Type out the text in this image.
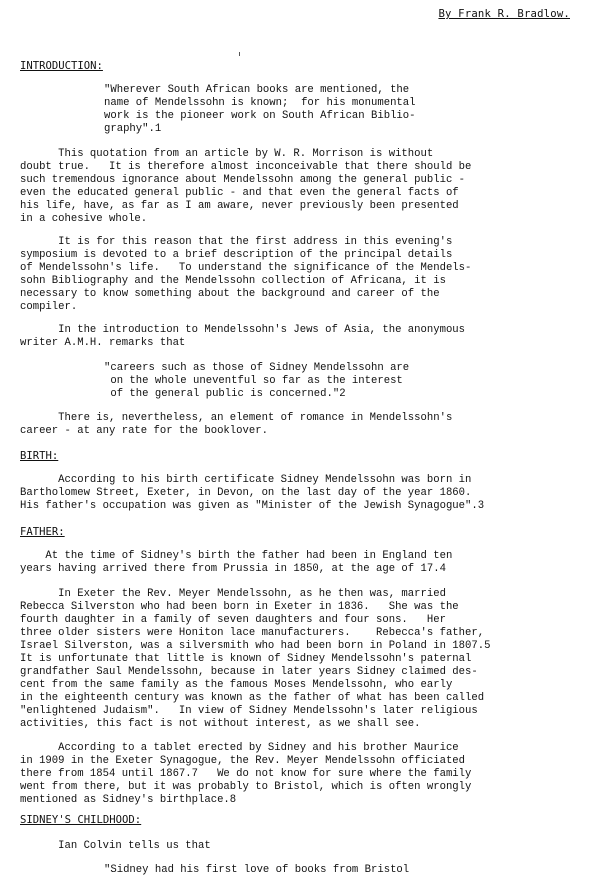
By Frank R. Bradlow.
INTRODUCTION:
"Wherever South African books are mentioned, the
name of Mendelssohn is known;  for his monumental
work is the pioneer work on South African Biblio-
graphy".1
This quotation from an article by W. R. Morrison is without
doubt true.   It is therefore almost inconceivable that there should be
such tremendous ignorance about Mendelssohn among the general public -
even the educated general public - and that even the general facts of
his life, have, as far as I am aware, never previously been presented
in a cohesive whole.
It is for this reason that the first address in this evening's
symposium is devoted to a brief description of the principal details
of Mendelssohn's life.   To understand the significance of the Mendels-
sohn Bibliography and the Mendelssohn collection of Africana, it is
necessary to know something about the background and career of the
compiler.
In the introduction to Mendelssohn's Jews of Asia, the anonymous
writer A.M.H. remarks that
"careers such as those of Sidney Mendelssohn are
on the whole uneventful so far as the interest
of the general public is concerned."2
There is, nevertheless, an element of romance in Mendelssohn's
career - at any rate for the booklover.
BIRTH:
According to his birth certificate Sidney Mendelssohn was born in
Bartholomew Street, Exeter, in Devon, on the last day of the year 1860.
His father's occupation was given as "Minister of the Jewish Synagogue".3
FATHER:
At the time of Sidney's birth the father had been in England ten
years having arrived there from Prussia in 1850, at the age of 17.4
In Exeter the Rev. Meyer Mendelssohn, as he then was, married
Rebecca Silverston who had been born in Exeter in 1836.   She was the
fourth daughter in a family of seven daughters and four sons.   Her
three older sisters were Honiton lace manufacturers.    Rebecca's father,
Israel Silverston, was a silversmith who had been born in Poland in 1807.5
It is unfortunate that little is known of Sidney Mendelssohn's paternal
grandfather Saul Mendelssohn, because in later years Sidney claimed des-
cent from the same family as the famous Moses Mendelssohn, who early
in the eighteenth century was known as the father of what has been called
"enlightened Judaism".   In view of Sidney Mendelssohn's later religious
activities, this fact is not without interest, as we shall see.
According to a tablet erected by Sidney and his brother Maurice
in 1909 in the Exeter Synagogue, the Rev. Meyer Mendelssohn officiated
there from 1854 until 1867.7   We do not know for sure where the family
went from there, but it was probably to Bristol, which is often wrongly
mentioned as Sidney's birthplace.8
SIDNEY'S CHILDHOOD:
Ian Colvin tells us that
"Sidney had his first love of books from Bristol
